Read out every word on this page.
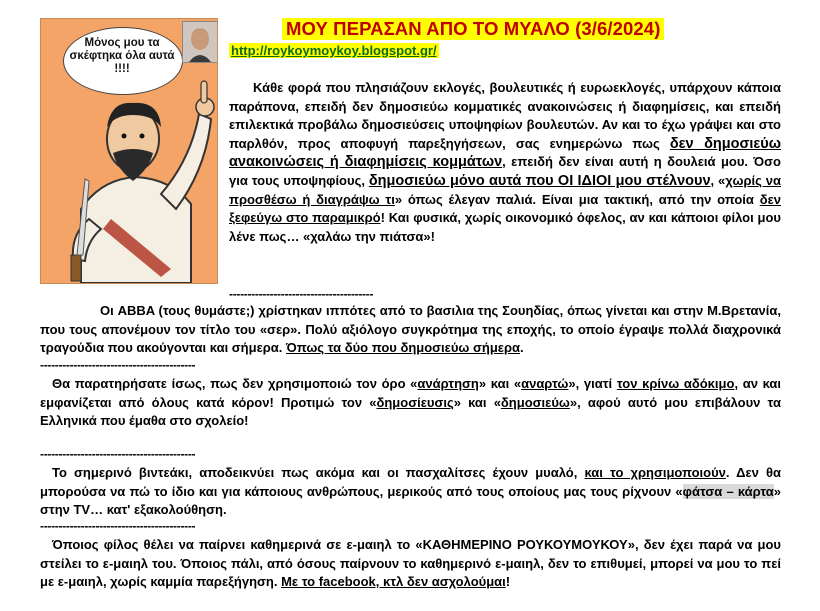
Μόνος μου τα σκέφτηκα όλα αυτά !!!!
ΜΟΥ ΠΕΡΑΣΑΝ ΑΠΟ ΤΟ ΜΥΑΛΟ (3/6/2024)
http://roykoymoykoy.blogspot.gr/
Κάθε φορά που πλησιάζουν εκλογές, βουλευτικές ή ευρωεκλογές, υπάρχουν κάποια παράπονα, επειδή δεν δημοσιεύω κομματικές ανακοινώσεις ή διαφημίσεις, και επειδή επιλεκτικά προβάλω δημοσιεύσεις υποψηφίων βουλευτών. Αν και το έχω γράψει και στο παρλθόν, προς αποφυγή παρεξηγήσεων, σας ενημερώνω πως δεν δημοσιεύω ανακοινώσεις ή διαφημίσεις κομμάτων, επειδή δεν είναι αυτή η δουλειά μου. Όσο για τους υποψηφίους, δημοσιεύω μόνο αυτά που ΟΙ ΙΔΙΟΙ μου στέλνουν, «χωρίς να προσθέσω ή διαγράψω τι» όπως έλεγαν παλιά. Είναι μια τακτική, από την οποία δεν ξεφεύγω στο παραμικρό! Και φυσικά, χωρίς οικονομικό όφελος, αν και κάποιοι φίλοι μου λένε πως… «χαλάω την πιάτσα»!
---------------------------------------
Οι ABBA (τους θυμάστε;) χρίστηκαν ιππότες από το βασιλια της Σουηδίας, όπως γίνεται και στην Μ.Βρετανία, που τους απονέμουν τον τίτλο του «σερ». Πολύ αξιόλογο συγκρότημα της εποχής, το οποίο έγραψε πολλά διαχρονικά τραγούδια που ακούγονται και σήμερα. Όπως τα δύο που δημοσιεύω σήμερα.
------------------------------------------
Θα παρατηρήσατε ίσως, πως δεν χρησιμοποιώ τον όρο «ανάρτηση» και «αναρτώ», γιατί τον κρίνω αδόκιμο, αν και εμφανίζεται από όλους κατά κόρον! Προτιμώ τον «δημοσίευσις» και «δημοσιεύω», αφού αυτό μου επιβάλουν τα Ελληνικά που έμαθα στο σχολείο!
------------------------------------------
Το σημερινό βιντεάκι, αποδεικνύει πως ακόμα και οι πασχαλίτσες έχουν μυαλό, και το χρησιμοποιούν. Δεν θα μπορούσα να πώ το ίδιο και για κάποιους ανθρώπους, μερικούς από τους οποίους μας τους ρίχνουν «φάτσα – κάρτα» στην TV… κατ' εξακολούθηση.
------------------------------------------
Όποιος φίλος θέλει να παίρνει καθημερινά σε ε-μαιηλ το «ΚΑΘΗΜΕΡΙΝΟ ΡΟΥΚΟΥΜΟΥΚΟΥ», δεν έχει παρά να μου στείλει το ε-μαιηλ του. Όποιος πάλι, από όσους παίρνουν το καθημερινό ε-μαιηλ, δεν το επιθυμεί, μπορεί να μου το πεί με ε-μαιηλ, χωρίς καμμία παρεξήγηση. Με το facebook, κτλ δεν ασχολούμαι!
